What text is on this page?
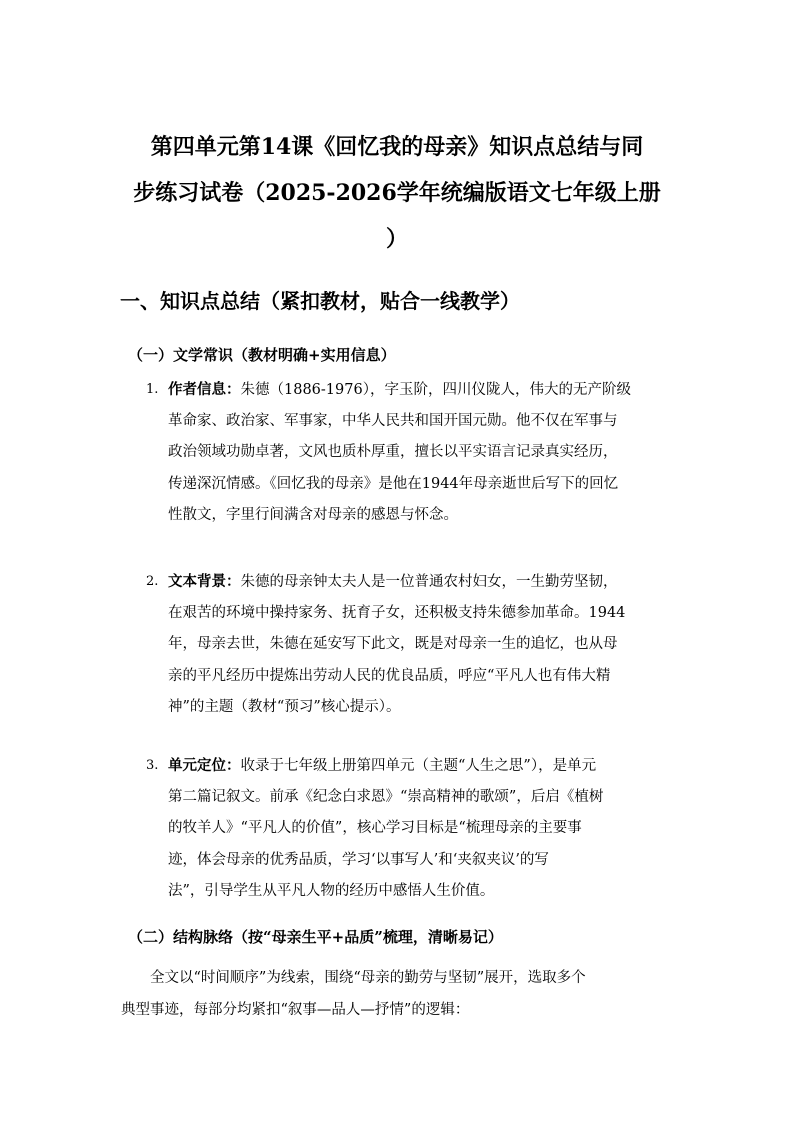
第四单元第14课《回忆我的母亲》知识点总结与同
步练习试卷（2025-2026学年统编版语文七年级上册
）
一、知识点总结（紧扣教材，贴合一线教学）
（一）文学常识（教材明确+实用信息）
1. 作者信息：朱德（1886-1976），字玉阶，四川仪陇人，伟大的无产阶级
革命家、政治家、军事家，中华人民共和国开国元勋。他不仅在军事与
政治领域功勋卓著，文风也质朴厚重，擅长以平实语言记录真实经历，
传递深沉情感。《回忆我的母亲》是他在1944年母亲逝世后写下的回忆
性散文，字里行间满含对母亲的感恩与怀念。
2. 文本背景：朱德的母亲钟太夫人是一位普通农村妇女，一生勤劳坚韧，
在艰苦的环境中操持家务、抚育子女，还积极支持朱德参加革命。1944
年，母亲去世，朱德在延安写下此文，既是对母亲一生的追忆，也从母
亲的平凡经历中提炼出劳动人民的优良品质，呼应“平凡人也有伟大精
神”的主题（教材“预习”核心提示）。
3. 单元定位：收录于七年级上册第四单元（主题“人生之思”），是单元
第二篇记叙文。前承《纪念白求恩》“崇高精神的歌颂”，后启《植树
的牧羊人》“平凡人的价值”，核心学习目标是“梳理母亲的主要事
迹，体会母亲的优秀品质，学习‘以事写人’和‘夹叙夹议’的写
法”，引导学生从平凡人物的经历中感悟人生价值。
（二）结构脉络（按“母亲生平+品质”梳理，清晰易记）
全文以“时间顺序”为线索，围绕“母亲的勤劳与坚韧”展开，选取多个
典型事迹，每部分均紧扣“叙事—品人—抒情”的逻辑：
